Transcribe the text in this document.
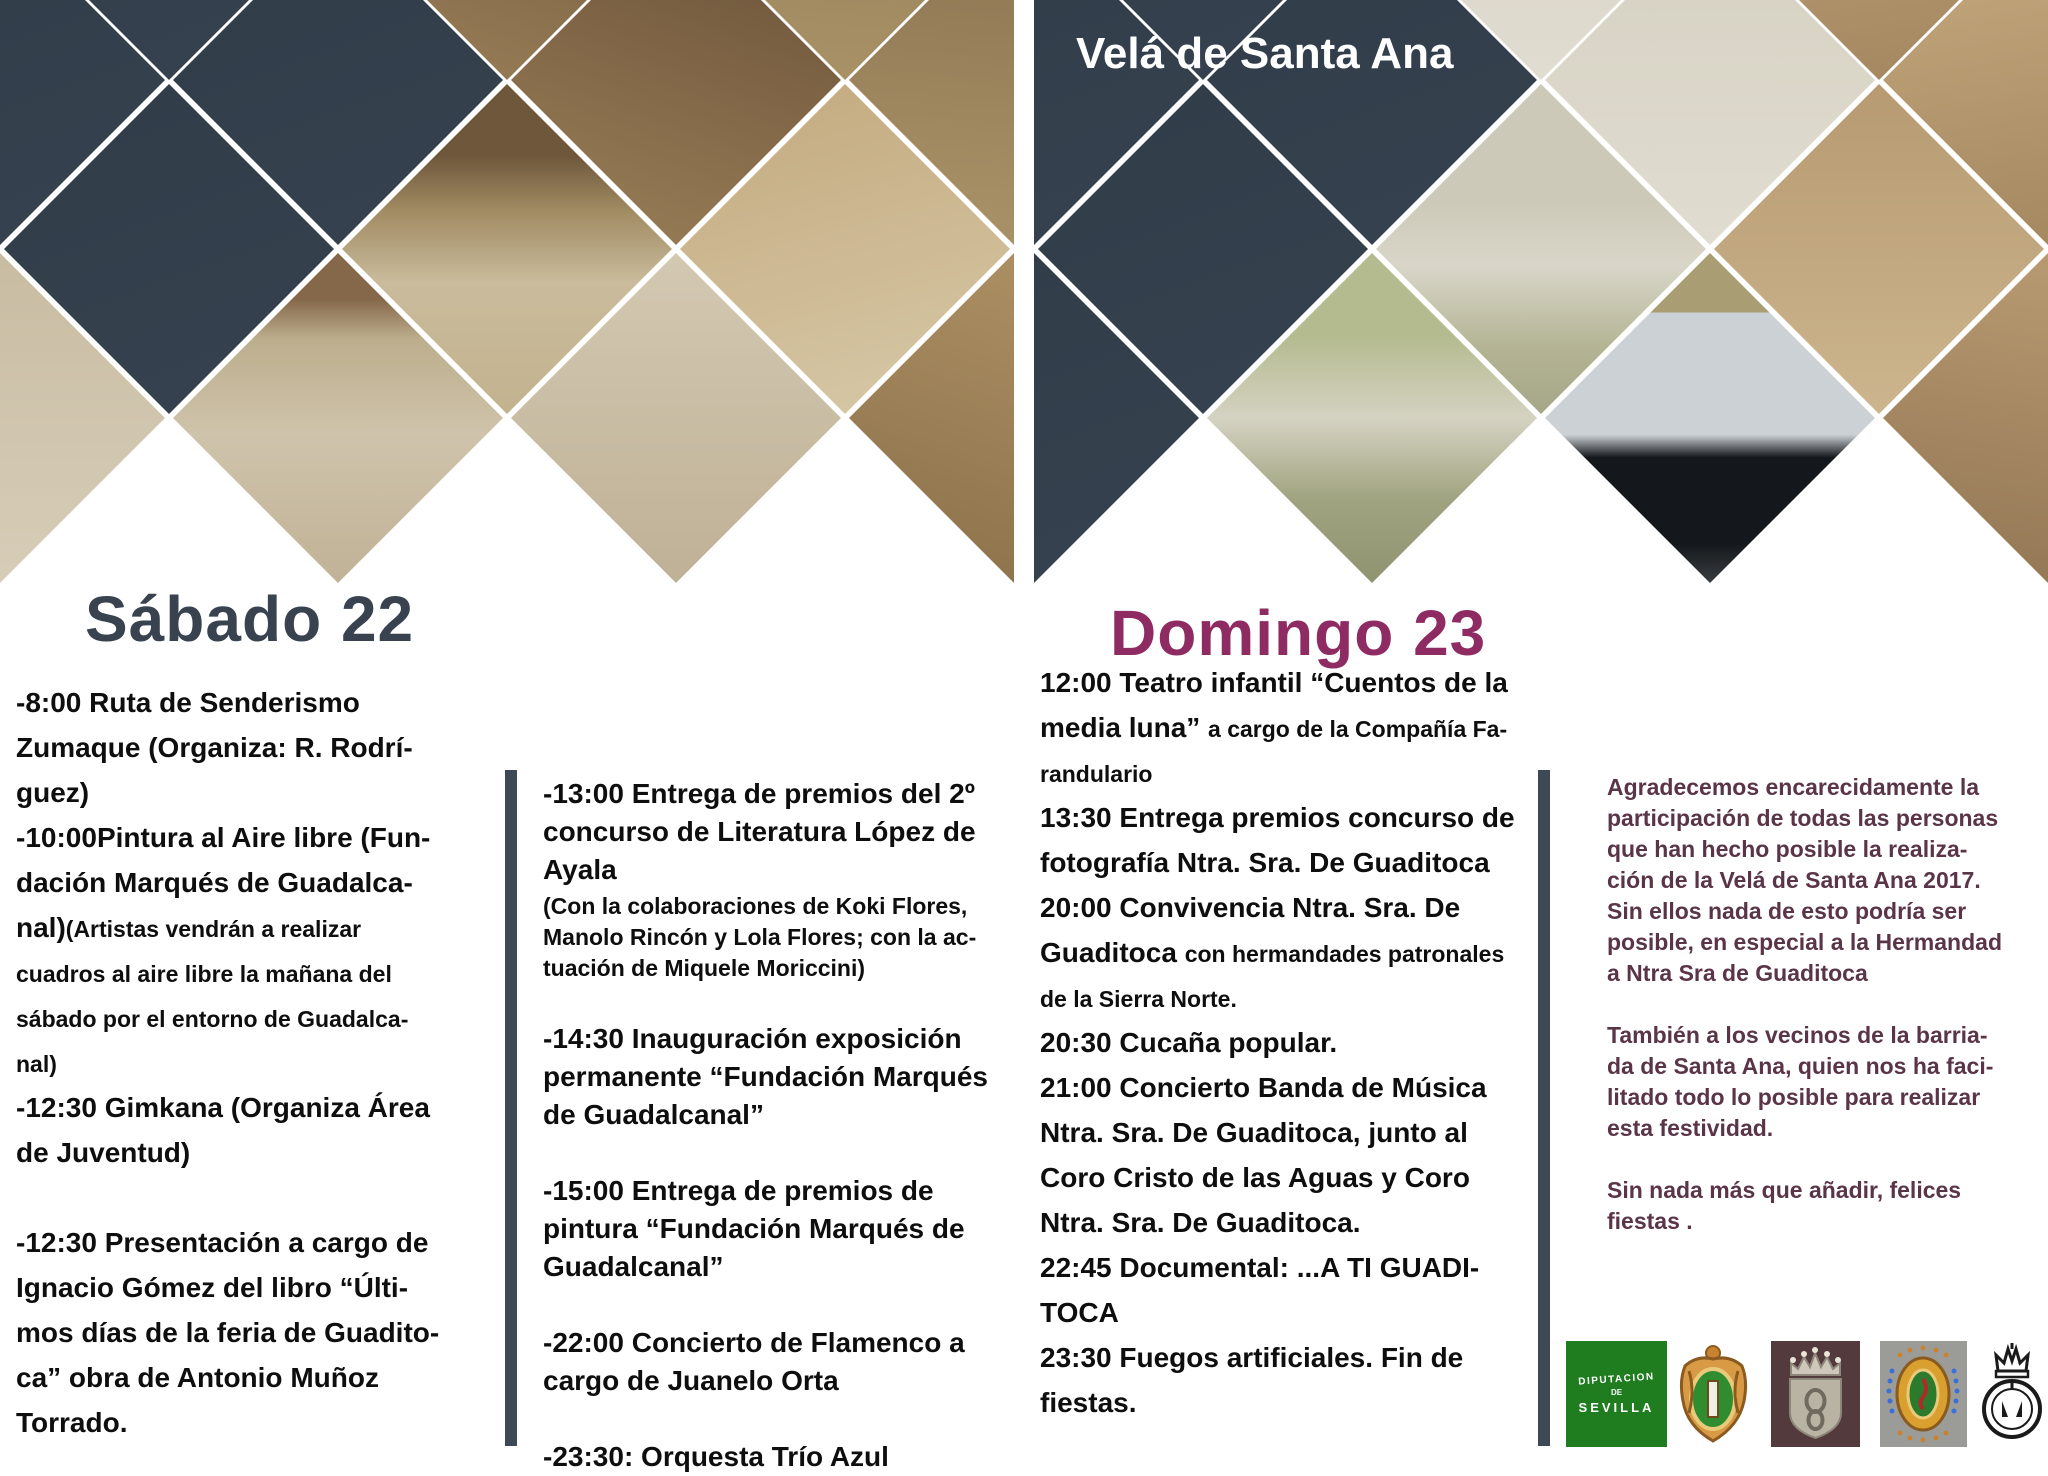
Sábado 22
-8:00 Ruta de Senderismo
Zumaque (Organiza: R. Rodrí-
guez)
-10:00Pintura al Aire libre (Fun-
dación Marqués de Guadalca-
nal)(Artistas vendrán a realizar
cuadros al aire libre la mañana del
sábado por el entorno de Guadalca-
nal)
-12:30 Gimkana (Organiza Área
de Juventud)

-12:30 Presentación a cargo de
Ignacio Gómez del libro “Últi-
mos días de la feria de Guadito-
ca” obra de Antonio Muñoz
Torrado.
-13:00 Entrega de premios del 2º
concurso de Literatura López de
Ayala
(Con la colaboraciones de Koki Flores,
Manolo Rincón y Lola Flores; con la ac-
tuación de Miquele Moriccini)

-14:30 Inauguración exposición
permanente “Fundación Marqués
de Guadalcanal”

-15:00 Entrega de premios de
pintura “Fundación Marqués de
Guadalcanal”

-22:00 Concierto de Flamenco a
cargo de Juanelo Orta

-23:30: Orquesta Trío Azul
Velá de Santa Ana
Domingo 23
12:00 Teatro infantil “Cuentos de la
media luna” a cargo de la Compañía Fa-
randulario
13:30 Entrega premios concurso de
fotografía Ntra. Sra. De Guaditoca
20:00 Convivencia Ntra. Sra. De
Guaditoca con hermandades patronales
de la Sierra Norte.
20:30 Cucaña popular.
21:00 Concierto Banda de Música
Ntra. Sra. De Guaditoca, junto al
Coro Cristo de las Aguas y Coro
Ntra. Sra. De Guaditoca.
22:45 Documental: ...A TI GUADI-
TOCA
23:30 Fuegos artificiales. Fin de
fiestas.
Agradecemos encarecidamente la
participación de todas las personas
que han hecho posible la realiza-
ción de la Velá de Santa Ana 2017.
Sin ellos nada de esto podría ser
posible, en especial a la Hermandad
a Ntra Sra de Guaditoca

También a los vecinos de la barria-
da de Santa Ana, quien nos ha faci-
litado todo lo posible para realizar
esta festividad.

Sin nada más que añadir, felices
fiestas .
DIPUTACION
DE
SEVILLA
